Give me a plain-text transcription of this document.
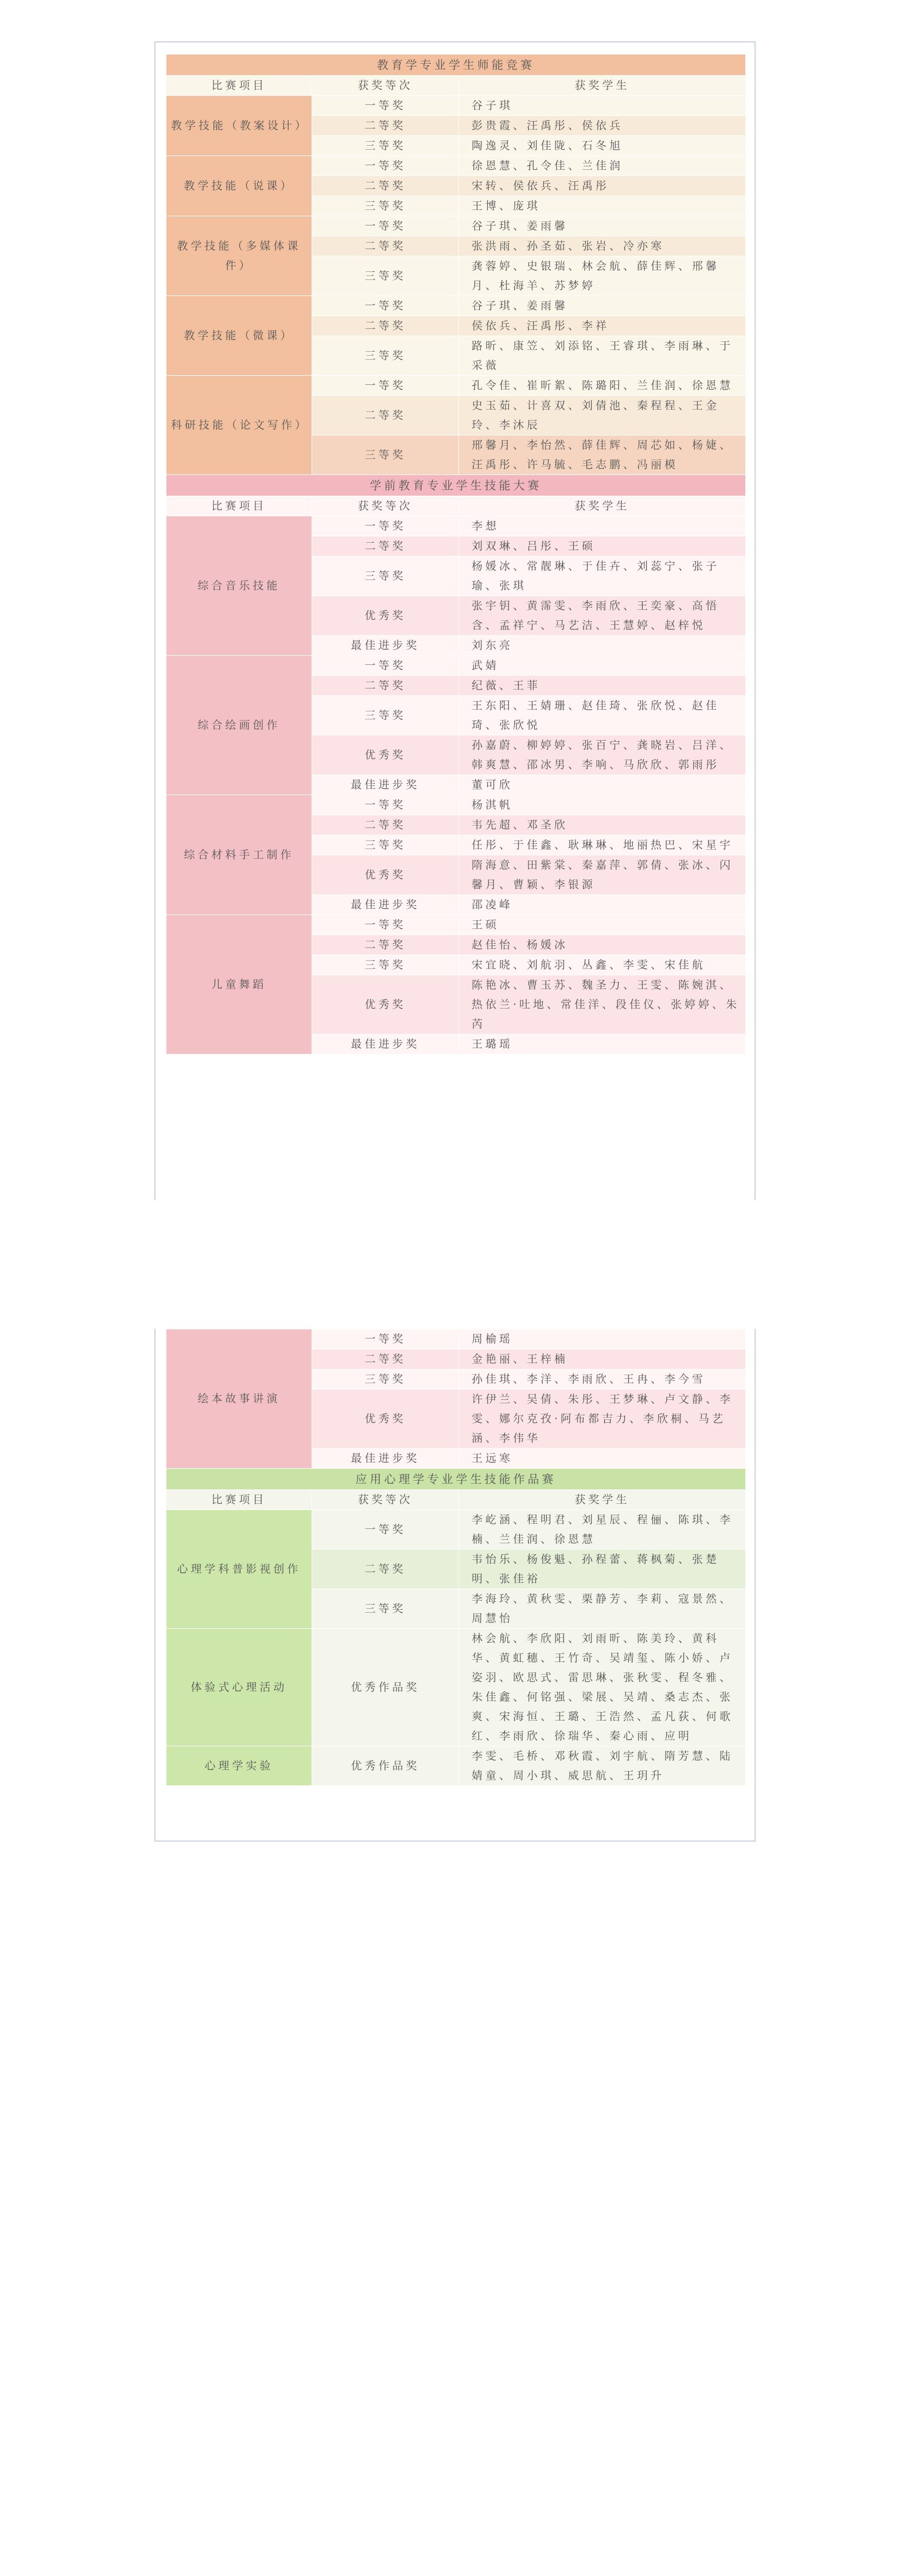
教育学专业学生师能竞赛		
比赛项目	获奖等次	获奖学生
教学技能（教案设计）	一等奖	谷子琪
	二等奖	彭贵霞、汪禹彤、侯依兵
	三等奖	陶逸灵、刘佳陇、石冬旭
教学技能（说课）	一等奖	徐恩慧、孔令佳、兰佳润
	二等奖	宋转、侯依兵、汪禹彤
	三等奖	王博、庞琪
教学技能（多媒体课件）	一等奖	谷子琪、姜雨馨
	二等奖	张洪雨、孙圣茹、张岩、冷亦寒
	三等奖	龚蓉婷、史银瑞、林会航、薛佳辉、邢馨月、杜海羊、苏梦婷
教学技能（微课）	一等奖	谷子琪、姜雨馨
	二等奖	侯依兵、汪禹彤、李祥
	三等奖	路昕、康笠、刘添铭、王睿琪、李雨琳、于采薇
科研技能（论文写作）	一等奖	孔令佳、崔昕絮、陈璐阳、兰佳润、徐恩慧
	二等奖	史玉茹、计喜双、刘倩池、秦程程、王金玲、李沐辰
	三等奖	邢馨月、李怡然、薛佳辉、周芯如、杨婕、汪禹彤、许马毓、毛志鹏、冯丽模
学前教育专业学生技能大赛		
比赛项目	获奖等次	获奖学生
综合音乐技能	一等奖	李想
	二等奖	刘双琳、吕彤、王硕
	三等奖	杨媛冰、常靓琳、于佳卉、刘蕊宁、张子瑜、张琪
	优秀奖	张宇钥、黄霈雯、李雨欣、王奕豪、高悟含、孟祥宁、马艺洁、王慧婷、赵梓悦
	最佳进步奖	刘东亮
综合绘画创作	一等奖	武婧
	二等奖	纪薇、王菲
	三等奖	王东阳、王婧珊、赵佳琦、张欣悦、赵佳琦、张欣悦
	优秀奖	孙嘉蔚、柳婷婷、张百宁、龚晓岩、吕洋、韩爽慧、邵冰男、李响、马欣欣、郭雨彤
	最佳进步奖	董可欣
综合材料手工制作	一等奖	杨淇帆
	二等奖	韦先超、邓圣欣
	三等奖	任彤、于佳鑫、耿琳琳、地丽热巴、宋星宇
	优秀奖	隋海意、田紫棠、秦嘉萍、郭倩、张冰、闪馨月、曹颖、李银源
	最佳进步奖	邵凌峰
儿童舞蹈	一等奖	王硕
	二等奖	赵佳怡、杨媛冰
	三等奖	宋宜晓、刘航羽、丛鑫、李雯、宋佳航
	优秀奖	陈艳冰、曹玉苏、魏圣力、王雯、陈婉淇、热依兰·吐地、常佳洋、段佳仪、张婷婷、朱芮
	最佳进步奖	王璐瑶
绘本故事讲演	一等奖	周榆瑶
	二等奖	金艳丽、王梓楠
	三等奖	孙佳琪、李洋、李雨欣、王冉、李今雪
	优秀奖	许伊兰、吴倩、朱彤、王梦琳、卢文静、李雯、娜尔克孜·阿布都吉力、李欣桐、马艺涵、李伟华
	最佳进步奖	王远寒
应用心理学专业学生技能作品赛		
比赛项目	获奖等次	获奖学生
心理学科普影视创作	一等奖	李屹涵、程明君、刘星辰、程俪、陈琪、李楠、兰佳润、徐恩慧
	二等奖	韦怡乐、杨俊魁、孙程蕾、蒋枫菊、张楚明、张佳裕
	三等奖	李海玲、黄秋雯、栗静芳、李莉、寇景然、周慧怡
体验式心理活动	优秀作品奖	林会航、李欣阳、刘雨昕、陈美玲、黄科华、黄虹穗、王竹奇、吴靖玺、陈小娇、卢姿羽、欧思式、雷思琳、张秋雯、程冬雅、朱佳鑫、何铭强、梁展、吴靖、桑志杰、张爽、宋海恒、王璐、王浩然、孟凡荻、何歌红、李雨欣、徐瑞华、秦心雨、应明
心理学实验	优秀作品奖	李雯、毛桥、邓秋霞、刘宇航、隋芳慧、陆婧童、周小琪、威思航、王玥升
